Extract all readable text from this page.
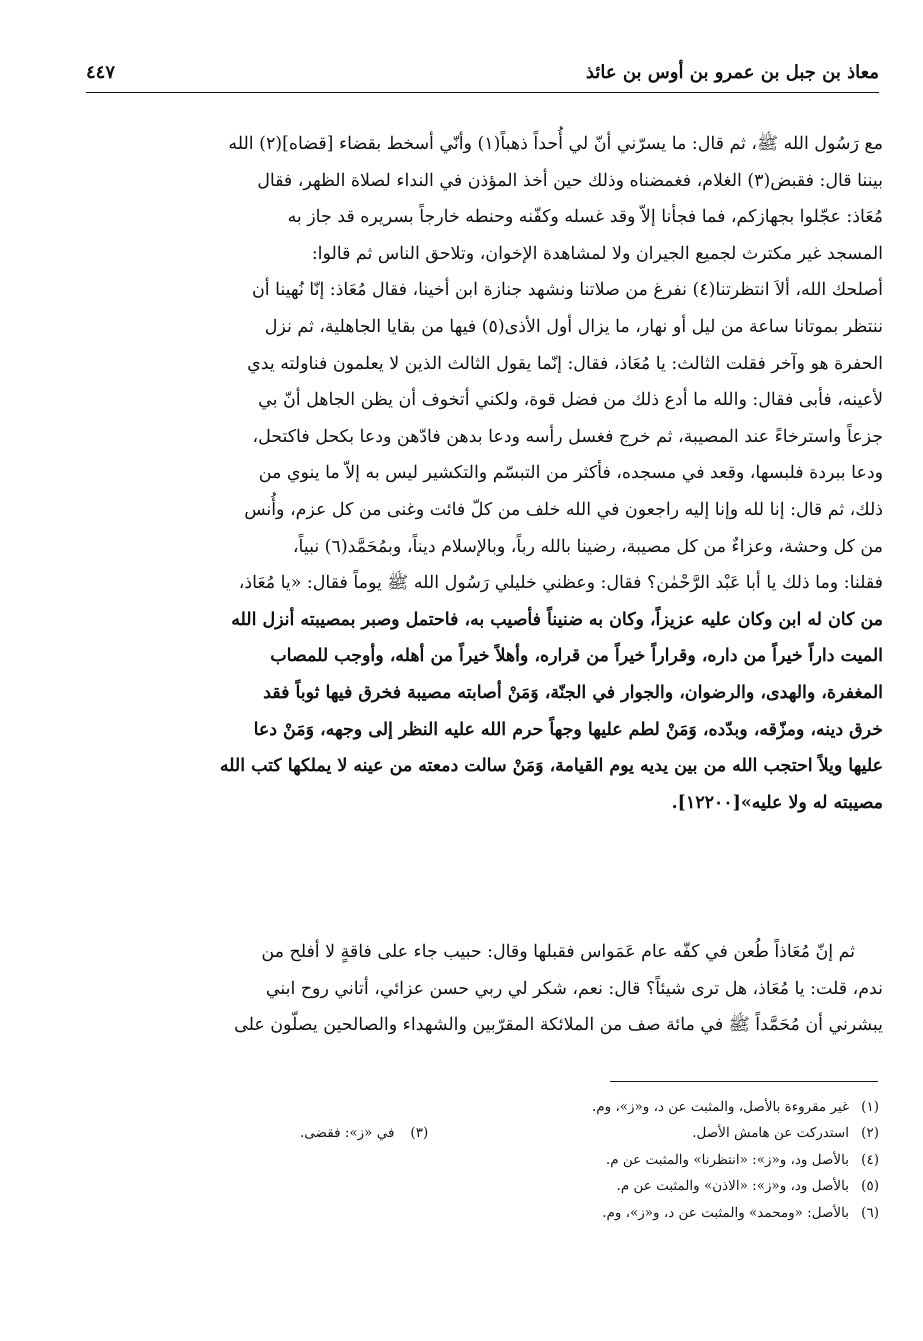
معاذ بن جبل بن عمرو بن أوس بن عائذ
٤٤٧
مع رَسُول الله ﷺ، ثم قال: ما يسرّني أنّ لي أُحداً ذهباً(١) وأنّي أسخط بقضاء [قضاه](٢) الله
بيننا قال: فقبض(٣) الغلام، فغمضناه وذلك حين أخذ المؤذن في النداء لصلاة الظهر، فقال
مُعَاذ: عجّلوا بجهازكم، فما فجأنا إلاّ وقد غسله وكفّنه وحنطه خارجاً بسريره قد جاز به
المسجد غير مكترث لجميع الجيران ولا لمشاهدة الإخوان، وتلاحق الناس ثم قالوا:
أصلحك الله، ألاَ انتظرتنا(٤) نفرغ من صلاتنا ونشهد جنازة ابن أخينا، فقال مُعَاذ: إنّا نُهينا أن
ننتظر بموتانا ساعة من ليل أو نهار، ما يزال أول الأذى(٥) فيها من بقايا الجاهلية، ثم نزل
الحفرة هو وآخر فقلت الثالث: يا مُعَاذ، فقال: إنّما يقول الثالث الذين لا يعلمون فناولته يدي
لأعينه، فأبى فقال: والله ما أدع ذلك من فضل قوة، ولكني أتخوف أن يظن الجاهل أنّ بي
جزعاً واسترخاءً عند المصيبة، ثم خرج فغسل رأسه ودعا بدهن فادّهن ودعا بكحل فاكتحل،
ودعا ببردة فلبسها، وقعد في مسجده، فأكثر من التبسّم والتكشير ليس به إلاّ ما ينوي من
ذلك، ثم قال: إنا لله وإنا إليه راجعون في الله خلف من كلّ فائت وغنى من كل عزم، وأُنس
من كل وحشة، وعزاءٌ من كل مصيبة، رضينا بالله رباً، وبالإسلام ديناً، وبمُحَمَّد(٦) نبياً،
فقلنا: وما ذلك يا أبا عَبْد الرَّحْمٰن؟ فقال: وعظني خليلي رَسُول الله ﷺ يوماً فقال: «يا مُعَاذ،
من كان له ابن وكان عليه عزيزاً، وكان به ضنيناً فأصيب به، فاحتمل وصبر بمصيبته أنزل الله
الميت داراً خيراً من داره، وقراراً خيراً من قراره، وأهلاً خيراً من أهله، وأوجب للمصاب
المغفرة، والهدى، والرضوان، والجوار في الجنّة، وَمَنْ أصابته مصيبة فخرق فيها ثوباً فقد
خرق دينه، ومزّقه، وبدّده، وَمَنْ لطم عليها وجهاً حرم الله عليه النظر إلى وجهه، وَمَنْ دعا
عليها ويلاً احتجب الله من بين يديه يوم القيامة، وَمَنْ سالت دمعته من عينه لا يملكها كتب الله
مصيبته له ولا عليه»[١٢٢٠٠].
ثم إنّ مُعَاذاً طُعن في كفّه عام عَمَواس فقبلها وقال: حبيب جاء على فاقةٍ لا أفلح من
ندم، قلت: يا مُعَاذ، هل ترى شيئاً؟ قال: نعم، شكر لي ربي حسن عزائي، أتاني روح ابني
يبشرني أن مُحَمَّداً ﷺ في مائة صف من الملائكة المقرّبين والشهداء والصالحين يصلّون على
(١)غير مقروءة بالأصل، والمثبت عن د، و«ز»، وم.
(٢)استدركت عن هامش الأصل.
(٣)في «ز»: فقضى.
(٤)بالأصل ود، و«ز»: «انتظرنا» والمثبت عن م.
(٥)بالأصل ود، و«ز»: «الاذن» والمثبت عن م.
(٦)بالأصل: «ومحمد» والمثبت عن د، و«ز»، وم.
